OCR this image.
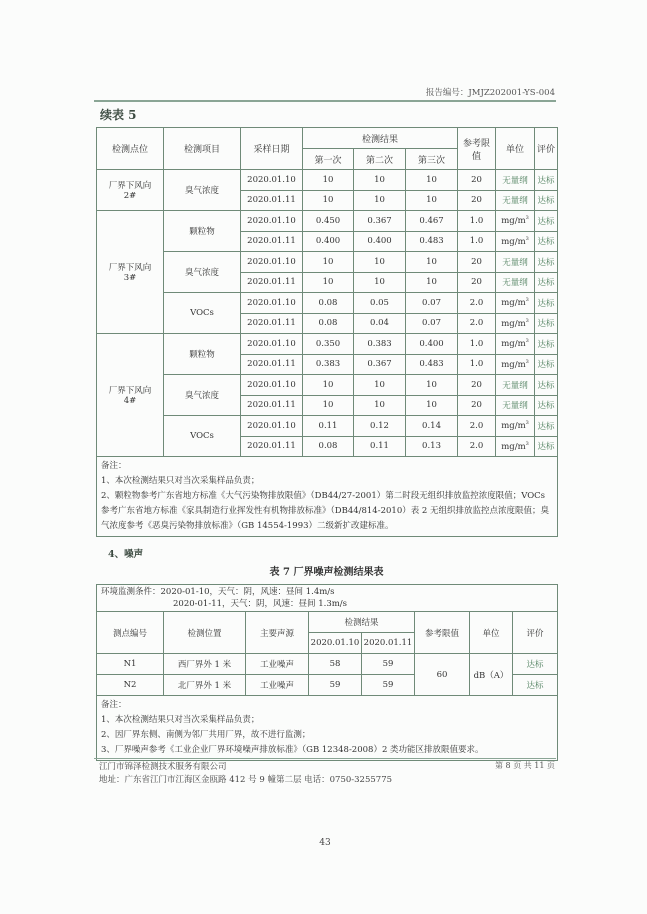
报告编号：JMJZ202001-YS-004
续表 5
检测点位	检测项目	采样日期	检测结果			参考限值	单位	评价
			第一次	第二次	第三次			
厂界下风向
2#	臭气浓度	2020.01.10	10	10	10	20	无量纲	达标
		2020.01.11	10	10	10	20	无量纲	达标
厂界下风向
3#	颗粒物	2020.01.10	0.450	0.367	0.467	1.0	$mg/m^3$	达标
		2020.01.11	0.400	0.400	0.483	1.0	$mg/m^3$	达标
	臭气浓度	2020.01.10	10	10	10	20	无量纲	达标
		2020.01.11	10	10	10	20	无量纲	达标
	VOCs	2020.01.10	0.08	0.05	0.07	2.0	$mg/m^3$	达标
		2020.01.11	0.08	0.04	0.07	2.0	$mg/m^3$	达标
厂界下风向
4#	颗粒物	2020.01.10	0.350	0.383	0.400	1.0	$mg/m^3$	达标
		2020.01.11	0.383	0.367	0.483	1.0	$mg/m^3$	达标
	臭气浓度	2020.01.10	10	10	10	20	无量纲	达标
		2020.01.11	10	10	10	20	无量纲	达标
	VOCs	2020.01.10	0.11	0.12	0.14	2.0	$mg/m^3$	达标
		2020.01.11	0.08	0.11	0.13	2.0	$mg/m^3$	达标

备注：
1、本次检测结果只对当次采集样品负责；
2、颗粒物参考广东省地方标准《大气污染物排放限值》（DB44/27-2001）第二时段无组织排放监控浓度限值；VOCs 参考广东省地方标准《家具制造行业挥发性有机物排放标准》（DB44/814-2010）表 2 无组织排放监控点浓度限值；臭气浓度参考《恶臭污染物排放标准》（GB 14554-1993）二级新扩改建标准。								
4、噪声
表 7 厂界噪声检测结果表
环境监测条件：2020-01-10，天气：阴，风速：昼间 1.4m/s
2020-01-11，天气：阴，风速：昼间 1.3m/s							

测点编号	检测位置	主要声源	检测结果		参考限值	单位	评价
			2020.01.10	2020.01.11			
N1	西厂界外 1 米	工业噪声	58	59	60	dB（A）	达标
N2	北厂界外 1 米	工业噪声	59	59			达标

备注：
1、本次检测结果只对当次采集样品负责；
2、因厂界东侧、南侧为邻厂共用厂界，故不进行监测；
3、厂界噪声参考《工业企业厂界环境噪声排放标准》（GB 12348-2008）2 类功能区排放限值要求。							
江门市锦泽检测技术服务有限公司	第 8 页 共 11 页
地址：广东省江门市江海区金瓯路 412 号 9 幢第二层 电话：0750-3255775
43
